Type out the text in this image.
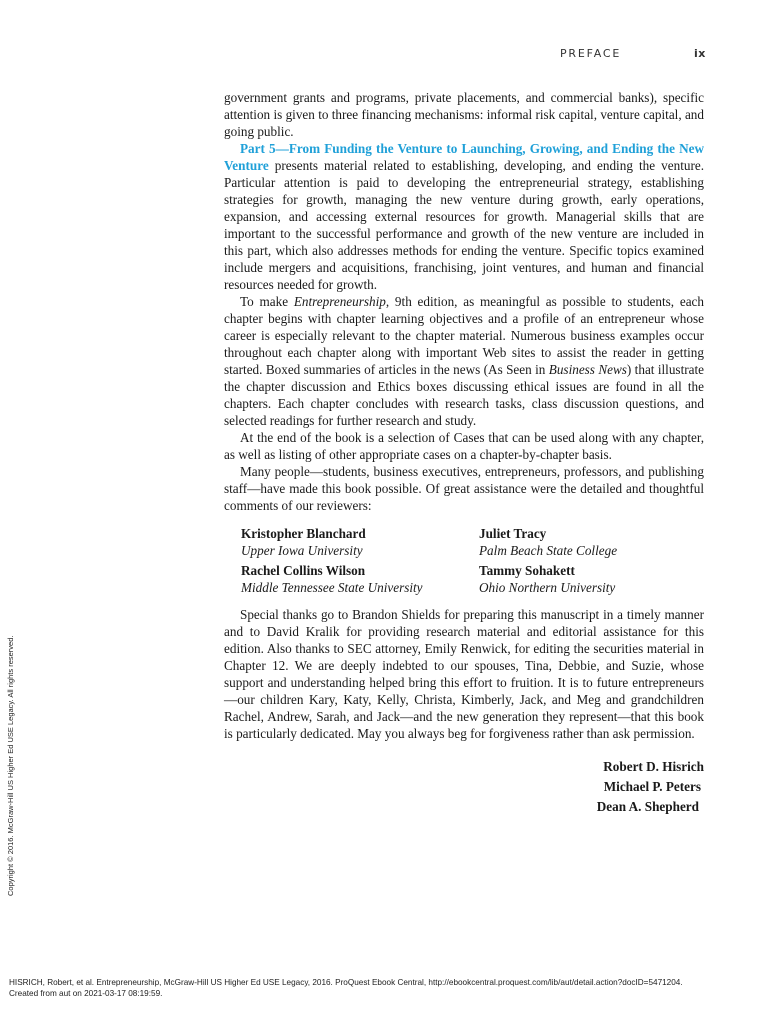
PREFACE	ix

government grants and programs, private placements, and commercial banks), specific attention is given to three financing mechanisms: informal risk capital, venture capital, and going public.

Part 5—From Funding the Venture to Launching, Growing, and Ending the New Venture presents material related to establishing, developing, and ending the venture. Particular attention is paid to developing the entrepreneurial strategy, establishing strategies for growth, managing the new venture during growth, early operations, expansion, and accessing external resources for growth. Managerial skills that are important to the successful performance and growth of the new venture are included in this part, which also addresses methods for ending the venture. Specific topics examined include mergers and acquisitions, franchising, joint ventures, and human and financial resources needed for growth.

To make Entrepreneurship, 9th edition, as meaningful as possible to students, each chapter begins with chapter learning objectives and a profile of an entrepreneur whose career is especially relevant to the chapter material. Numerous business examples occur throughout each chapter along with important Web sites to assist the reader in getting started. Boxed summaries of articles in the news (As Seen in Business News) that illustrate the chapter discussion and Ethics boxes discussing ethical issues are found in all the chapters. Each chapter concludes with research tasks, class discussion questions, and selected readings for further research and study.

At the end of the book is a selection of Cases that can be used along with any chapter, as well as listing of other appropriate cases on a chapter-by-chapter basis.

Many people—students, business executives, entrepreneurs, professors, and publishing staff—have made this book possible. Of great assistance were the detailed and thoughtful comments of our reviewers:

Kristopher Blanchard
Upper Iowa University
Juliet Tracy
Palm Beach State College
Rachel Collins Wilson
Middle Tennessee State University
Tammy Sohakett
Ohio Northern University

Special thanks go to Brandon Shields for preparing this manuscript in a timely manner and to David Kralik for providing research material and editorial assistance for this edition. Also thanks to SEC attorney, Emily Renwick, for editing the securities material in Chapter 12. We are deeply indebted to our spouses, Tina, Debbie, and Suzie, whose support and understanding helped bring this effort to fruition. It is to future entrepreneurs—our children Kary, Katy, Kelly, Christa, Kimberly, Jack, and Meg and grandchildren Rachel, Andrew, Sarah, and Jack—and the new generation they represent—that this book is particularly dedicated. May you always beg for forgiveness rather than ask permission.

Robert D. Hisrich
Michael P. Peters
Dean A. Shepherd
Copyright © 2016. McGraw-Hill US Higher Ed USE Legacy. All rights reserved.
HISRICH, Robert, et al. Entrepreneurship, McGraw-Hill US Higher Ed USE Legacy, 2016. ProQuest Ebook Central, http://ebookcentral.proquest.com/lib/aut/detail.action?docID=5471204.
Created from aut on 2021-03-17 08:19:59.
